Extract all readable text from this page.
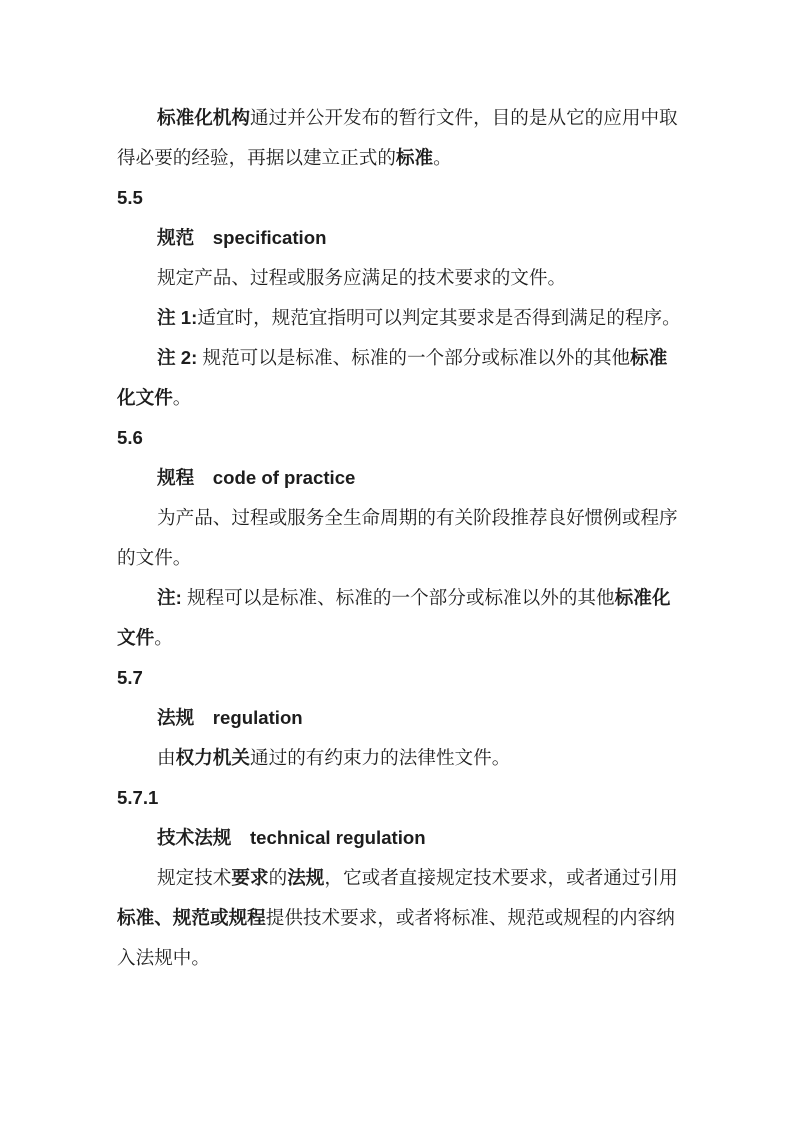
标准化机构通过并公开发布的暂行文件，目的是从它的应用中取
得必要的经验，再据以建立正式的标准。
5.5
规范　specification
规定产品、过程或服务应满足的技术要求的文件。
注 1:适宜时，规范宜指明可以判定其要求是否得到满足的程序。
注 2: 规范可以是标准、标准的一个部分或标准以外的其他标准
化文件。
5.6
规程　code of practice
为产品、过程或服务全生命周期的有关阶段推荐良好惯例或程序
的文件。
注: 规程可以是标准、标准的一个部分或标准以外的其他标准化
文件。
5.7
法规　regulation
由权力机关通过的有约束力的法律性文件。
5.7.1
技术法规　technical regulation
规定技术要求的法规，它或者直接规定技术要求，或者通过引用
标准、规范或规程提供技术要求，或者将标准、规范或规程的内容纳
入法规中。
